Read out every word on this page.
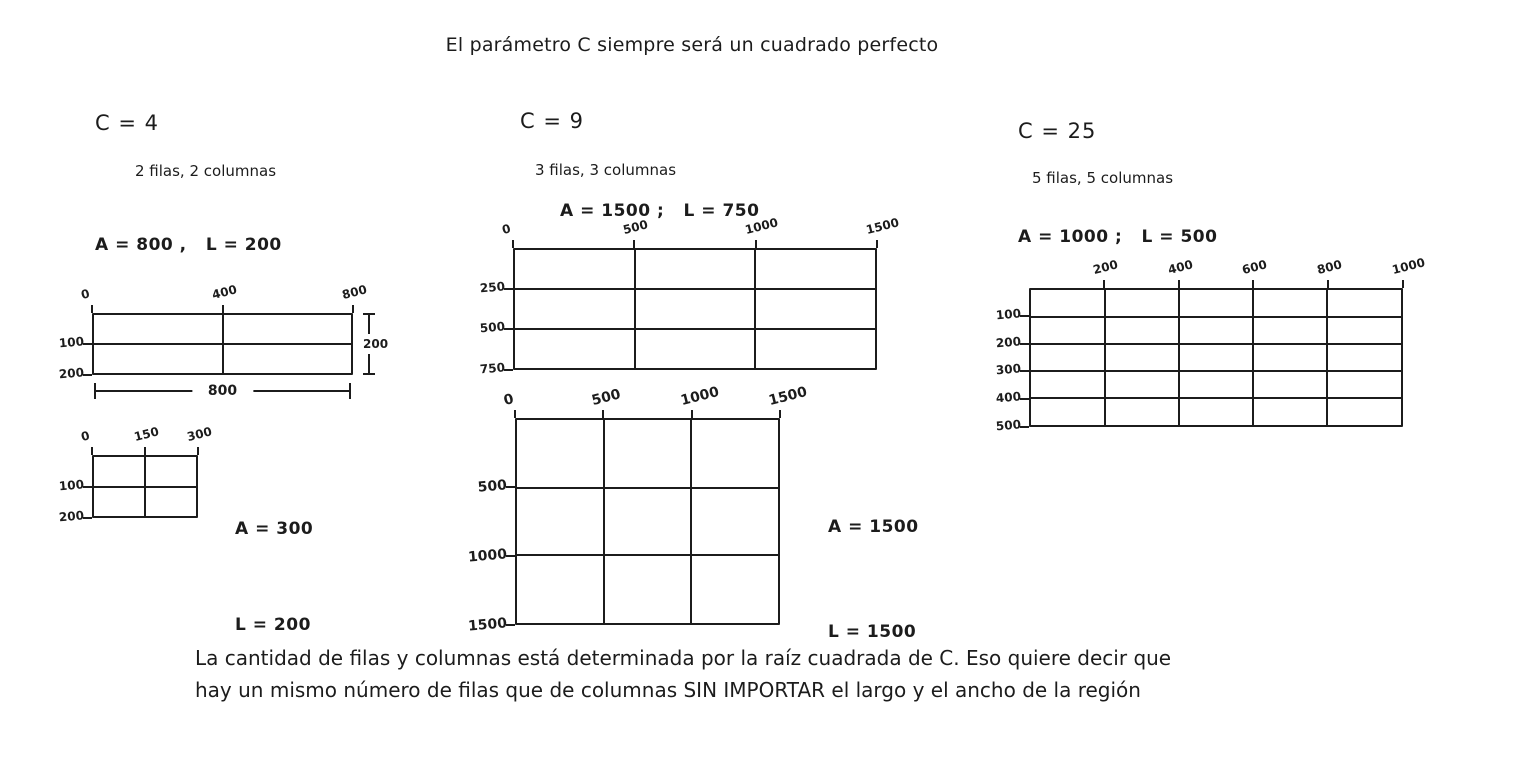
El parámetro C siempre será un cuadrado perfecto
C = 4
2 filas, 2 columnas
A = 800 ,   L = 200
0	400	800
100
200
200
800
0	150 300
100
200

A = 300

L = 200

C = 9
3 filas, 3 columnas
A = 1500 ;   L = 750
0	500	1000	1500
250
500
750
0	500	1000	1500
500
1000
1500

A = 1500

L = 1500

C = 25
5 filas, 5 columnas
A = 1000 ;   L = 500
200	400	600	800	1000
100
200
300
400
500
La cantidad de filas y columnas está determinada por la raíz cuadrada de C. Eso quiere decir que
hay un mismo número de filas que de columnas SIN IMPORTAR el largo y el ancho de la región
